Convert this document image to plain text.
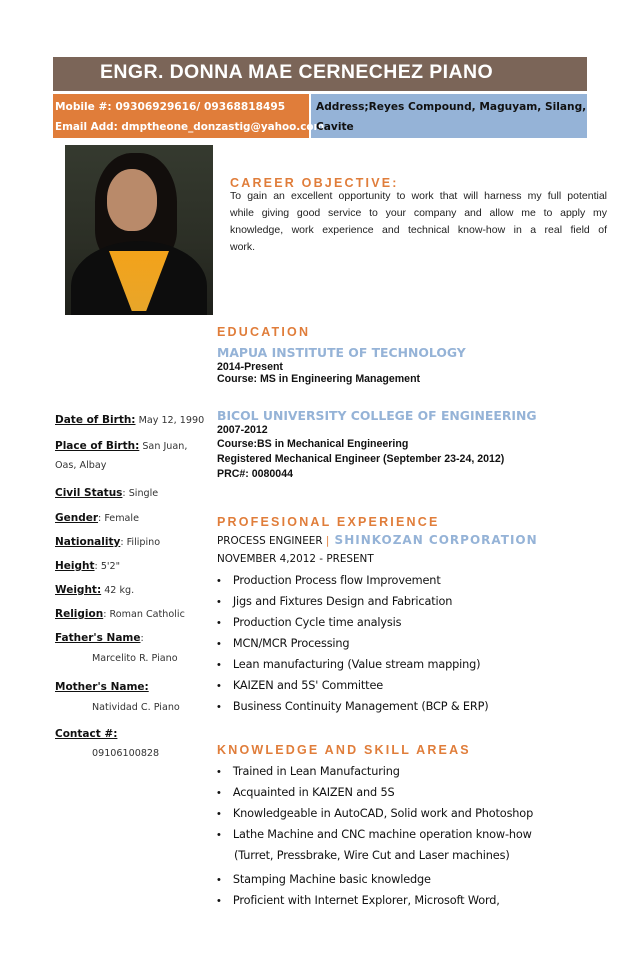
ENGR. DONNA MAE CERNECHEZ PIANO
Mobile #: 09306929616/ 09368818495
Email Add: dmptheone_donzastig@yahoo.com
Address;Reyes Compound, Maguyam, Silang,
Cavite
CAREER OBJECTIVE:
To gain an excellent opportunity to work that will harness my full potential
while giving good service to your company and allow me to apply my
knowledge, work experience and technical know-how in a real field of
work.
EDUCATION
MAPUA INSTITUTE OF TECHNOLOGY
2014-Present
Course: MS in Engineering Management
BICOL UNIVERSITY COLLEGE OF ENGINEERING
2007-2012
Course:BS in Mechanical Engineering
Registered Mechanical Engineer (September 23-24, 2012)
PRC#: 0080044
Date of Birth: May 12, 1990
Place of Birth: San Juan,
Oas, Albay
Civil Status: Single
Gender: Female
Nationality: Filipino
Height: 5'2"
Weight: 42 kg.
Religion: Roman Catholic
Father's Name:
Marcelito R. Piano
Mother's Name:
Natividad C. Piano
Contact #:
09106100828
PROFESIONAL EXPERIENCE
PROCESS ENGINEER | SHINKOZAN CORPORATION
NOVEMBER 4,2012 - PRESENT
• Production Process flow Improvement
• Jigs and Fixtures Design and Fabrication
• Production Cycle time analysis
• MCN/MCR Processing
• Lean manufacturing (Value stream mapping)
• KAIZEN and 5S' Committee
• Business Continuity Management (BCP & ERP)
KNOWLEDGE AND SKILL AREAS
• Trained in Lean Manufacturing
• Acquainted in KAIZEN and 5S
• Knowledgeable in AutoCAD, Solid work and Photoshop
• Lathe Machine and CNC machine operation know-how
(Turret, Pressbrake, Wire Cut and Laser machines)
• Stamping Machine basic knowledge
• Proficient with Internet Explorer, Microsoft Word,
